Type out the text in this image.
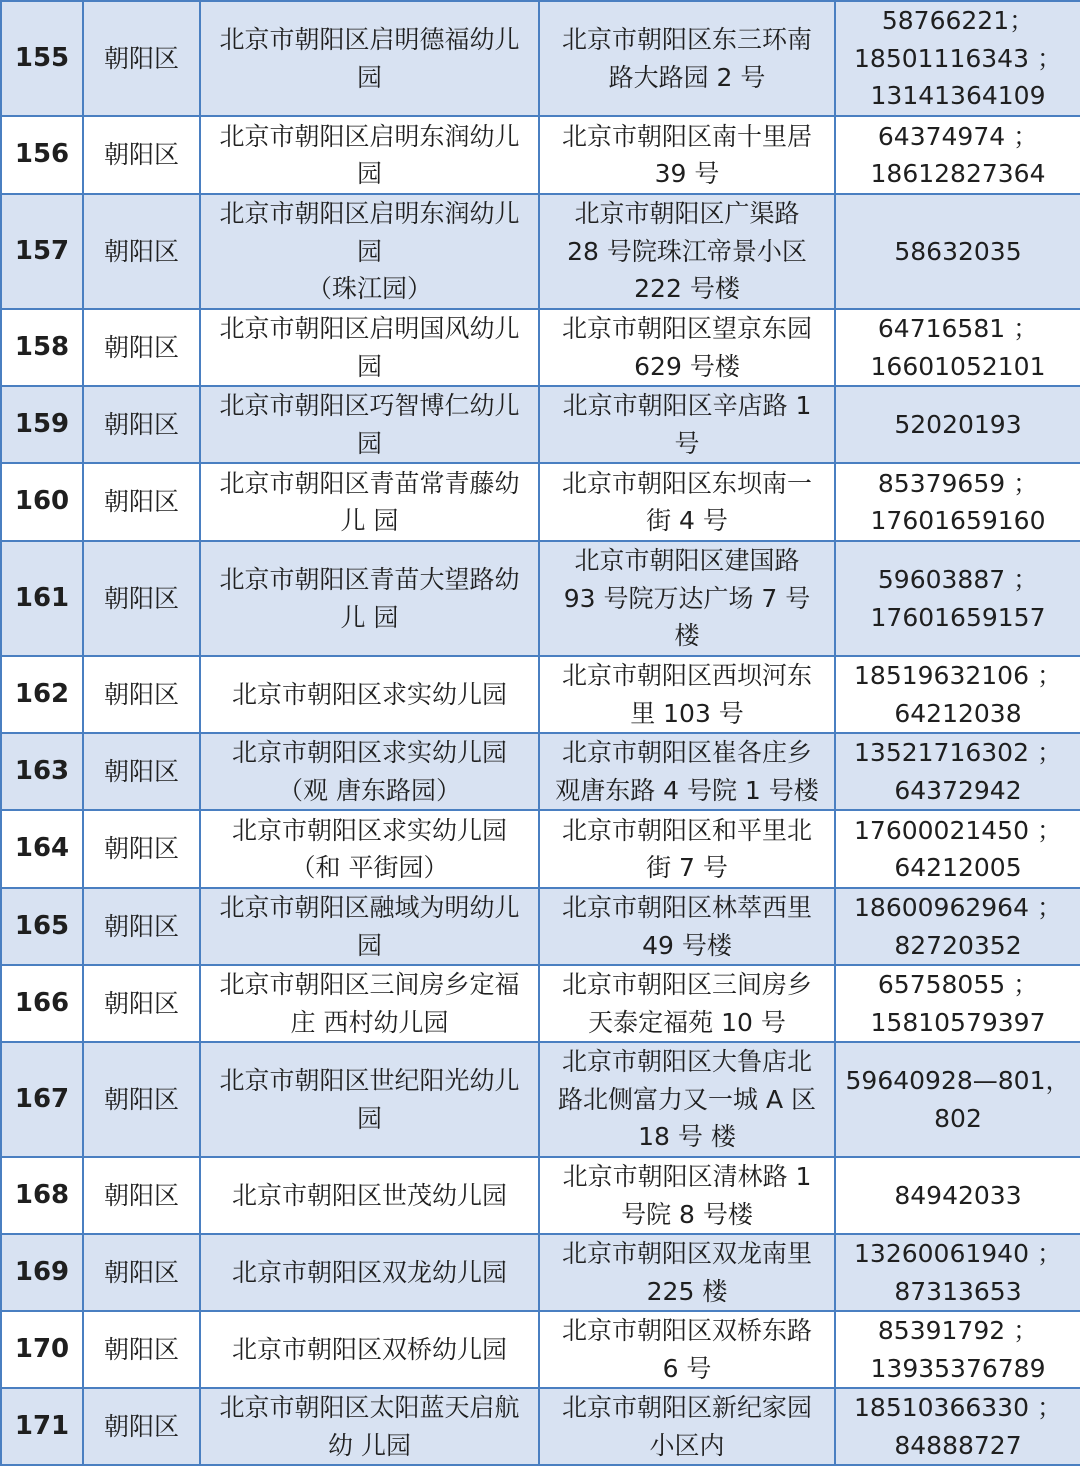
155	朝阳区	北京市朝阳区启明德福幼儿
园	北京市朝阳区东三环南
路大路园 2 号	58766221；
18501116343 ；
13141364109
156	朝阳区	北京市朝阳区启明东润幼儿
园	北京市朝阳区南十里居
39 号	64374974 ；
18612827364
157	朝阳区	北京市朝阳区启明东润幼儿
园
（珠江园）	北京市朝阳区广渠路
28 号院珠江帝景小区
222 号楼	58632035
158	朝阳区	北京市朝阳区启明国风幼儿
园	北京市朝阳区望京东园
629 号楼	64716581 ；
16601052101
159	朝阳区	北京市朝阳区巧智博仁幼儿
园	北京市朝阳区辛店路 1
号	52020193
160	朝阳区	北京市朝阳区青苗常青藤幼
儿 园	北京市朝阳区东坝南一
街 4 号	85379659 ；
17601659160
161	朝阳区	北京市朝阳区青苗大望路幼
儿 园	北京市朝阳区建国路
93 号院万达广场 7 号
楼	59603887 ；
17601659157
162	朝阳区	北京市朝阳区求实幼儿园	北京市朝阳区西坝河东
里 103 号	18519632106 ；
64212038
163	朝阳区	北京市朝阳区求实幼儿园
（观 唐东路园）	北京市朝阳区崔各庄乡
观唐东路 4 号院 1 号楼	13521716302 ；
64372942
164	朝阳区	北京市朝阳区求实幼儿园
（和 平街园）	北京市朝阳区和平里北
街 7 号	17600021450 ；
64212005
165	朝阳区	北京市朝阳区融域为明幼儿
园	北京市朝阳区林萃西里
49 号楼	18600962964 ；
82720352
166	朝阳区	北京市朝阳区三间房乡定福
庄 西村幼儿园	北京市朝阳区三间房乡
天泰定福苑 10 号	65758055 ；
15810579397
167	朝阳区	北京市朝阳区世纪阳光幼儿
园	北京市朝阳区大鲁店北
路北侧富力又一城 A 区
18 号 楼	59640928—801，
802
168	朝阳区	北京市朝阳区世茂幼儿园	北京市朝阳区清林路 1
号院 8 号楼	84942033
169	朝阳区	北京市朝阳区双龙幼儿园	北京市朝阳区双龙南里
225 楼	13260061940 ；
87313653
170	朝阳区	北京市朝阳区双桥幼儿园	北京市朝阳区双桥东路
6 号	85391792 ；
13935376789
171	朝阳区	北京市朝阳区太阳蓝天启航
幼 儿园	北京市朝阳区新纪家园
小区内	18510366330 ；
84888727
